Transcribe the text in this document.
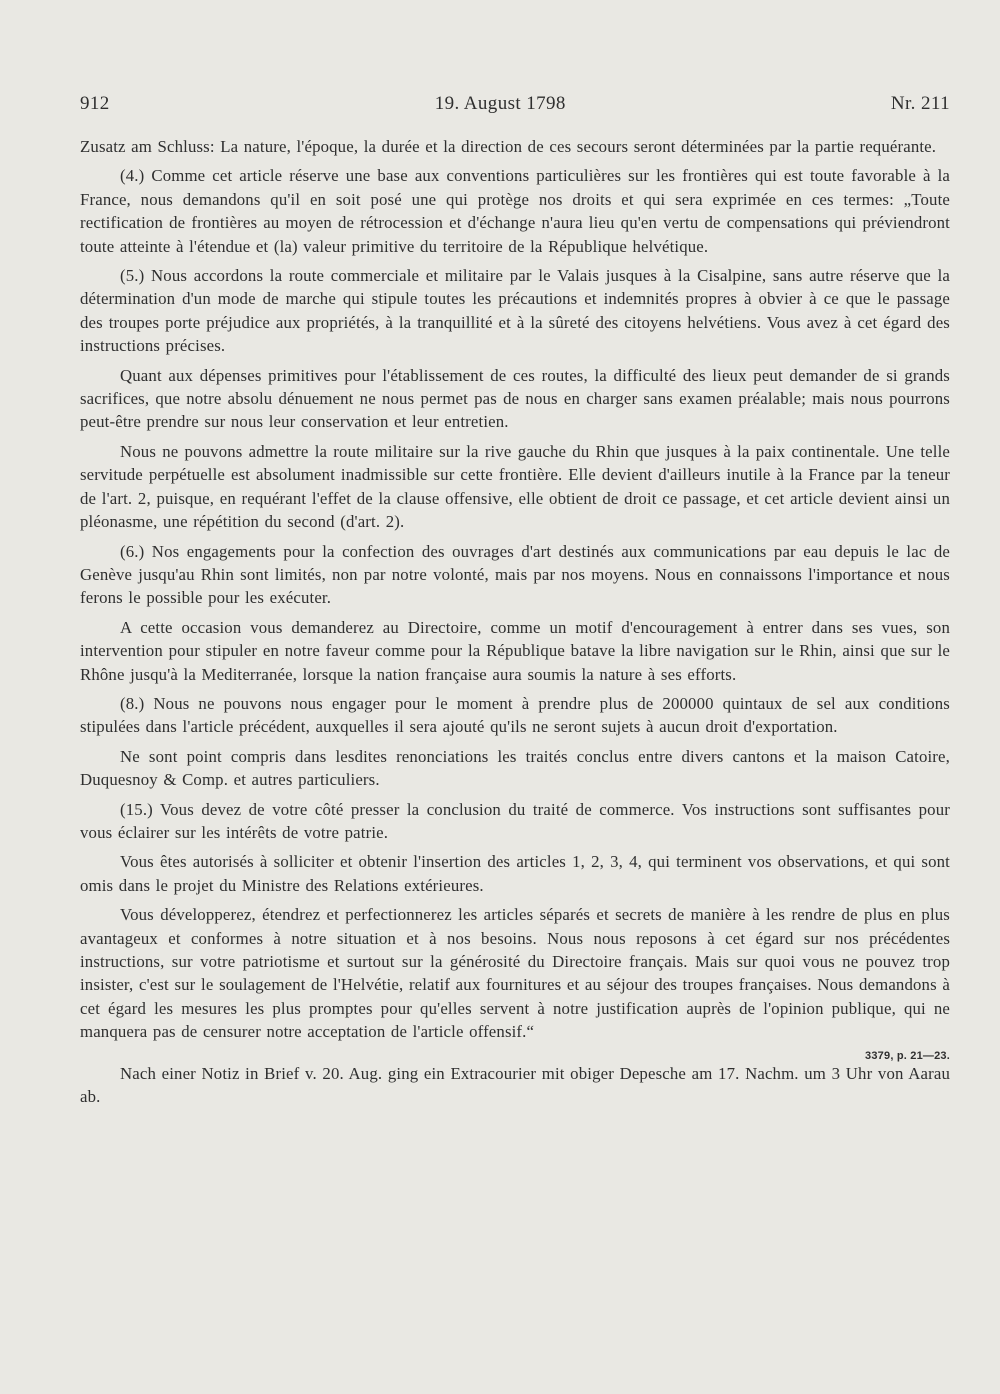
912	19. August 1798	Nr. 211

Zusatz am Schluss: La nature, l'époque, la durée et la direction de ces secours seront déterminées par la partie requérante.

(4.) Comme cet article réserve une base aux conventions particulières sur les frontières qui est toute favorable à la France, nous demandons qu'il en soit posé une qui protège nos droits et qui sera exprimée en ces termes: „Toute rectification de frontières au moyen de rétrocession et d'échange n'aura lieu qu'en vertu de compensations qui préviendront toute atteinte à l'étendue et (la) valeur primitive du territoire de la République helvétique.

(5.) Nous accordons la route commerciale et militaire par le Valais jusques à la Cisalpine, sans autre réserve que la détermination d'un mode de marche qui stipule toutes les précautions et indemnités propres à obvier à ce que le passage des troupes porte préjudice aux propriétés, à la tranquillité et à la sûreté des citoyens helvétiens. Vous avez à cet égard des instructions précises.

Quant aux dépenses primitives pour l'établissement de ces routes, la difficulté des lieux peut demander de si grands sacrifices, que notre absolu dénuement ne nous permet pas de nous en charger sans examen préalable; mais nous pourrons peut-être prendre sur nous leur conservation et leur entretien.

Nous ne pouvons admettre la route militaire sur la rive gauche du Rhin que jusques à la paix continentale. Une telle servitude perpétuelle est absolument inadmissible sur cette frontière. Elle devient d'ailleurs inutile à la France par la teneur de l'art. 2, puisque, en requérant l'effet de la clause offensive, elle obtient de droit ce passage, et cet article devient ainsi un pléonasme, une répétition du second (d'art. 2).

(6.) Nos engagements pour la confection des ouvrages d'art destinés aux communications par eau depuis le lac de Genève jusqu'au Rhin sont limités, non par notre volonté, mais par nos moyens. Nous en connaissons l'importance et nous ferons le possible pour les exécuter.

A cette occasion vous demanderez au Directoire, comme un motif d'encouragement à entrer dans ses vues, son intervention pour stipuler en notre faveur comme pour la République batave la libre navigation sur le Rhin, ainsi que sur le Rhône jusqu'à la Mediterranée, lorsque la nation française aura soumis la nature à ses efforts.

(8.) Nous ne pouvons nous engager pour le moment à prendre plus de 200000 quintaux de sel aux conditions stipulées dans l'article précédent, auxquelles il sera ajouté qu'ils ne seront sujets à aucun droit d'exportation.

Ne sont point compris dans lesdites renonciations les traités conclus entre divers cantons et la maison Catoire, Duquesnoy & Comp. et autres particuliers.

(15.) Vous devez de votre côté presser la conclusion du traité de commerce. Vos instructions sont suffisantes pour vous éclairer sur les intérêts de votre patrie.

Vous êtes autorisés à solliciter et obtenir l'insertion des articles 1, 2, 3, 4, qui terminent vos observations, et qui sont omis dans le projet du Ministre des Relations extérieures.

Vous développerez, étendrez et perfectionnerez les articles séparés et secrets de manière à les rendre de plus en plus avantageux et conformes à notre situation et à nos besoins. Nous nous reposons à cet égard sur nos précédentes instructions, sur votre patriotisme et surtout sur la générosité du Directoire français. Mais sur quoi vous ne pouvez trop insister, c'est sur le soulagement de l'Helvétie, relatif aux fournitures et au séjour des troupes françaises. Nous demandons à cet égard les mesures les plus promptes pour qu'elles servent à notre justification auprès de l'opinion publique, qui ne manquera pas de censurer notre acceptation de l'article offensif.“

3379, p. 21—23.

Nach einer Notiz in Brief v. 20. Aug. ging ein Extracourier mit obiger Depesche am 17. Nachm. um 3 Uhr von Aarau ab.
